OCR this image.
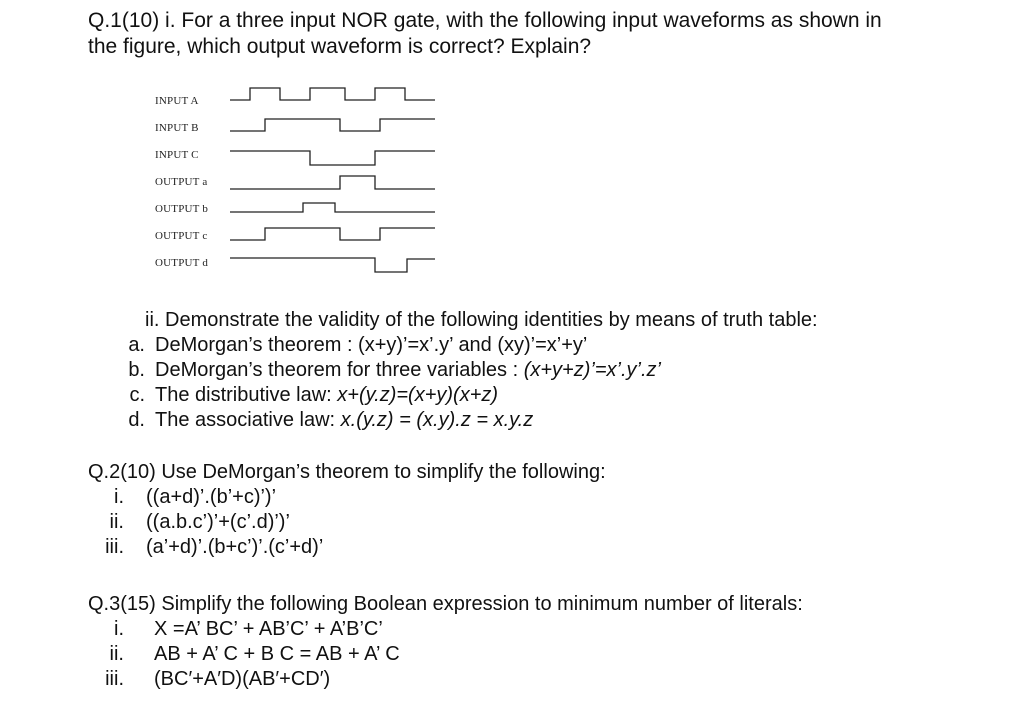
Q.1(10) i. For a three input NOR gate, with the following input waveforms as shown in
the figure, which output waveform is correct? Explain?
INPUT A
INPUT B
INPUT C
OUTPUT a
OUTPUT b
OUTPUT c
OUTPUT d
ii. Demonstrate the validity of the following identities by means of truth table:
a. DeMorgan’s theorem : (x+y)’=x’.y’ and (xy)’=x’+y’
b. DeMorgan’s theorem for three variables : (x+y+z)’=x’.y’.z’
c. The distributive law: x+(y.z)=(x+y)(x+z)
d. The associative law: x.(y.z) = (x.y).z = x.y.z
Q.2(10) Use DeMorgan’s theorem to simplify the following:
i.	((a+d)’.(b’+c)’)’
ii.	((a.b.c’)’+(c’.d)’)’
iii.	(a’+d)’.(b+c’)’.(c’+d)’
Q.3(15) Simplify the following Boolean expression to minimum number of literals:
i.	X =A’ BC’ + AB’C’ + A’B’C’
ii.	AB + A’ C + B C = AB + A’ C
iii.	(BC′+A′D)(AB′+CD′)
